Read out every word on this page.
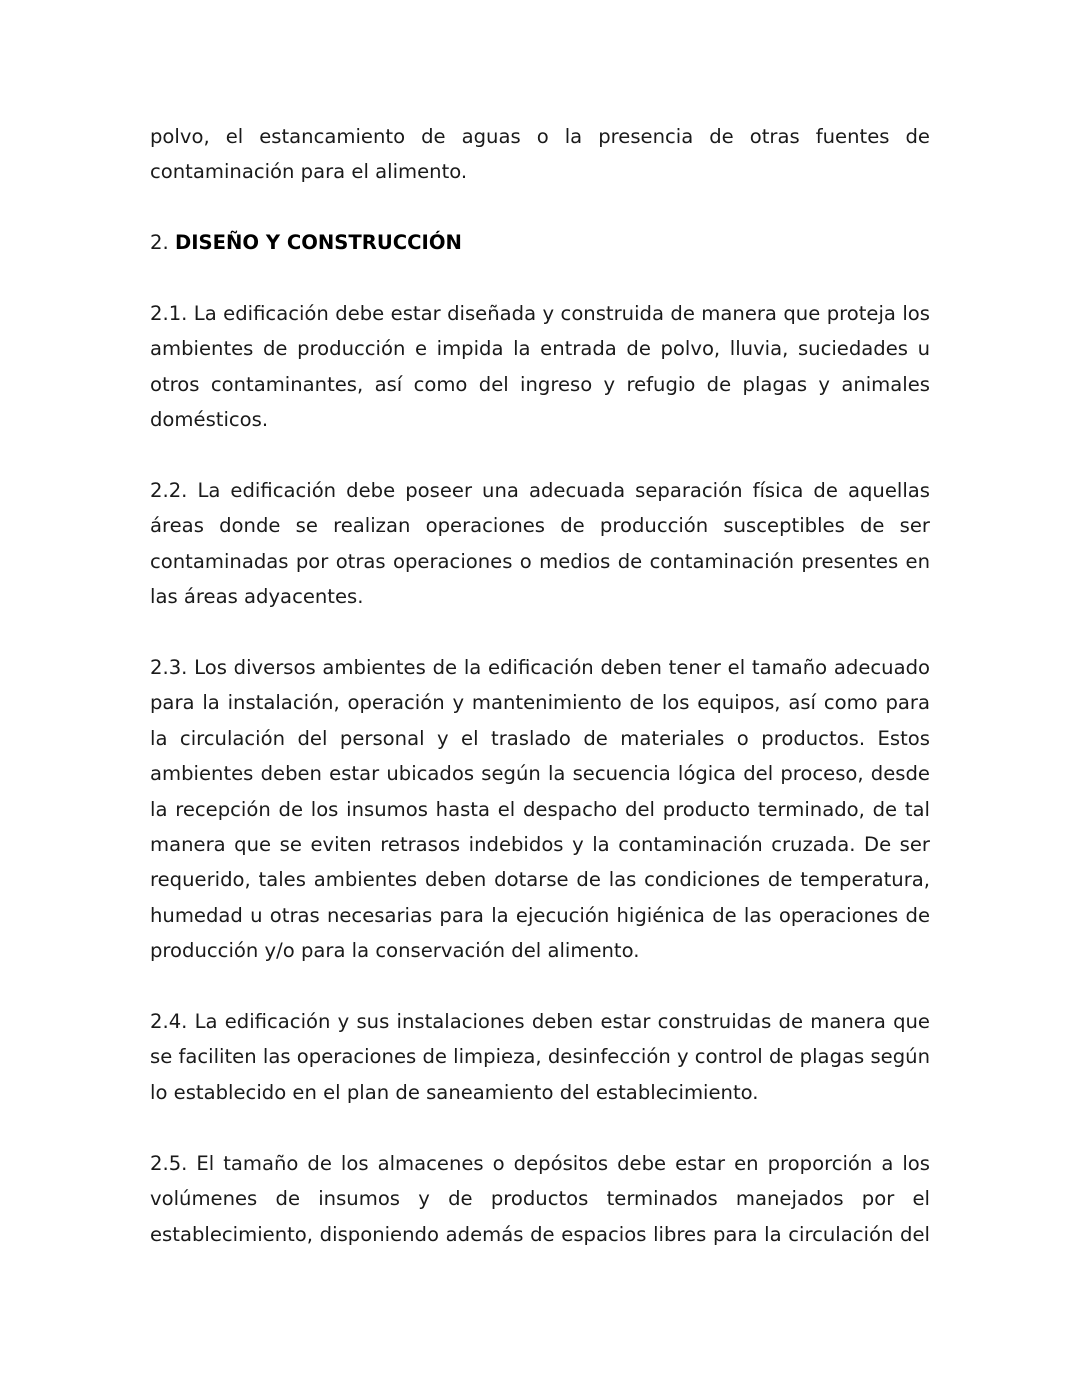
polvo, el estancamiento de aguas o la presencia de otras fuentes de contaminación para el alimento.

2. DISEÑO Y CONSTRUCCIÓN

2.1. La edificación debe estar diseñada y construida de manera que proteja los ambientes de producción e impida la entrada de polvo, lluvia, suciedades u otros contaminantes, así como del ingreso y refugio de plagas y animales domésticos.

2.2. La edificación debe poseer una adecuada separación física de aquellas áreas donde se realizan operaciones de producción susceptibles de ser contaminadas por otras operaciones o medios de contaminación presentes en las áreas adyacentes.

2.3. Los diversos ambientes de la edificación deben tener el tamaño adecuado para la instalación, operación y mantenimiento de los equipos, así como para la circulación del personal y el traslado de materiales o productos. Estos ambientes deben estar ubicados según la secuencia lógica del proceso, desde la recepción de los insumos hasta el despacho del producto terminado, de tal manera que se eviten retrasos indebidos y la contaminación cruzada. De ser requerido, tales ambientes deben dotarse de las condiciones de temperatura, humedad u otras necesarias para la ejecución higiénica de las operaciones de producción y/o para la conservación del alimento.

2.4. La edificación y sus instalaciones deben estar construidas de manera que se faciliten las operaciones de limpieza, desinfección y control de plagas según lo establecido en el plan de saneamiento del establecimiento.

2.5. El tamaño de los almacenes o depósitos debe estar en proporción a los volúmenes de insumos y de productos terminados manejados por el establecimiento, disponiendo además de espacios libres para la circulación del
